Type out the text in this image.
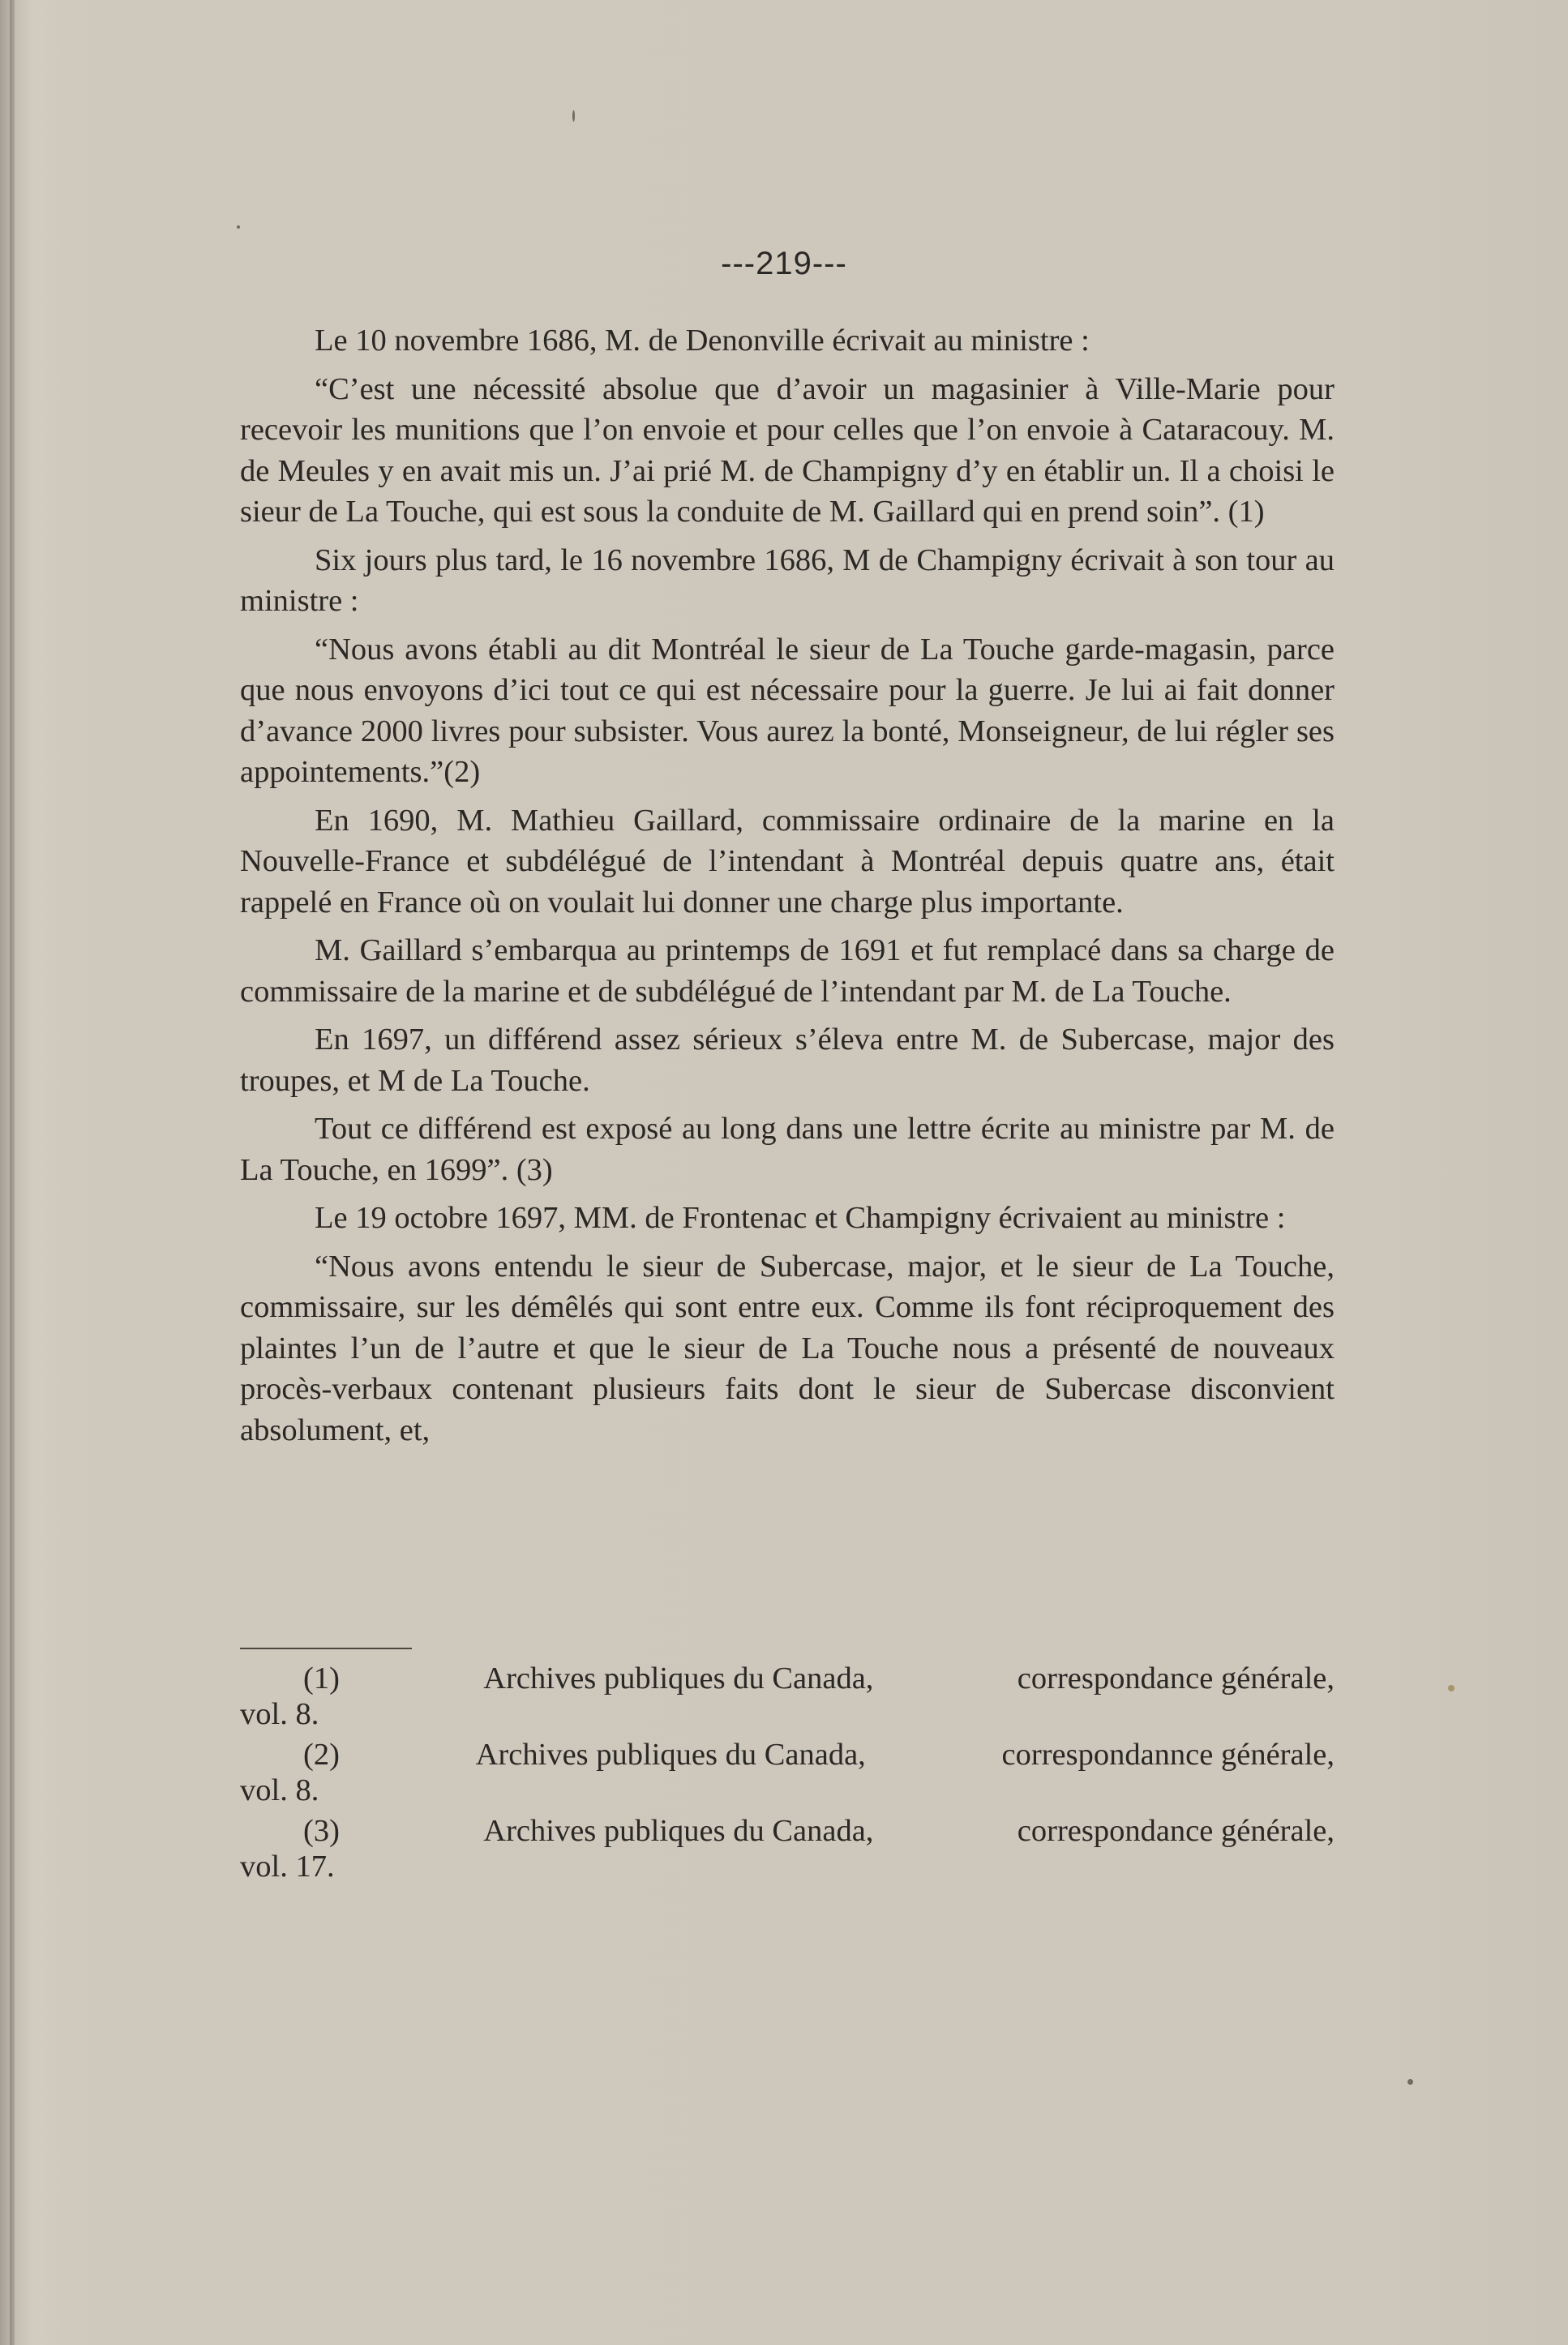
---219---

Le 10 novembre 1686, M. de Denonville écrivait au ministre :

“C’est une nécessité absolue que d’avoir un magasinier à Ville-Marie pour recevoir les munitions que l’on envoie et pour celles que l’on envoie à Cataracouy. M. de Meules y en avait mis un. J’ai prié M. de Champigny d’y en établir un. Il a choisi le sieur de La Touche, qui est sous la conduite de M. Gaillard qui en prend soin”. (1)

Six jours plus tard, le 16 novembre 1686, M de Champigny écrivait à son tour au ministre :

“Nous avons établi au dit Montréal le sieur de La Touche garde-magasin, parce que nous envoyons d’ici tout ce qui est nécessaire pour la guerre. Je lui ai fait donner d’avance 2000 livres pour subsister. Vous aurez la bonté, Monseigneur, de lui régler ses appointements.”(2)

En 1690, M. Mathieu Gaillard, commissaire ordinaire de la marine en la Nouvelle-France et subdélégué de l’intendant à Montréal depuis quatre ans, était rappelé en France où on voulait lui donner une charge plus importante.

M. Gaillard s’embarqua au printemps de 1691 et fut remplacé dans sa charge de commissaire de la marine et de subdélégué de l’intendant par M. de La Touche.

En 1697, un différend assez sérieux s’éleva entre M. de Subercase, major des troupes, et M de La Touche.

Tout ce différend est exposé au long dans une lettre écrite au ministre par M. de La Touche, en 1699”. (3)

Le 19 octobre 1697, MM. de Frontenac et Champigny écrivaient au ministre :

“Nous avons entendu le sieur de Subercase, major, et le sieur de La Touche, commissaire, sur les démêlés qui sont entre eux. Comme ils font réciproquement des plaintes l’un de l’autre et que le sieur de La Touche nous a présenté de nouveaux procès-verbaux contenant plusieurs faits dont le sieur de Subercase disconvient absolument, et,

(1)	Archives publiques du Canada,	correspondance générale,
vol. 8.
(2)	Archives publiques du Canada,	correspondannce générale,
vol. 8.
(3)	Archives publiques du Canada,	correspondance générale,
vol. 17.
